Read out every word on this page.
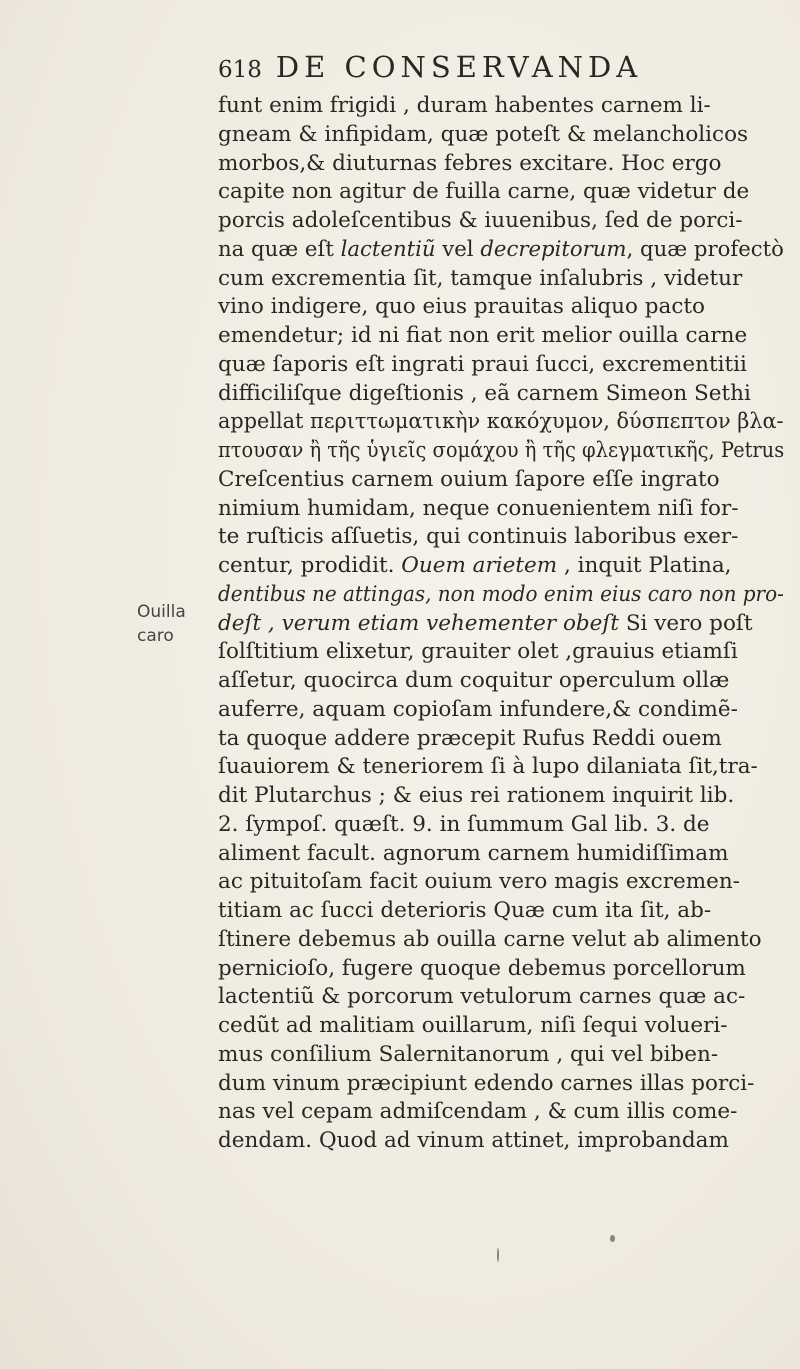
618 DE CONSERVANDA
Ouilla
caro
funt enim frigidi , duram habentes carnem li-
gneam & infipidam, quæ poteſt & melancholicos
morbos,& diuturnas febres excitare. Hoc ergo
capite non agitur de fuilla carne, quæ videtur de
porcis adoleſcentibus & iuuenibus, ſed de porci-
na quæ eſt lactentiũ vel decrepitorum, quæ profectò
cum excrementia ſit, tamque inſalubris , videtur
vino indigere, quo eius prauitas aliquo pacto
emendetur; id ni fiat non erit melior ouilla carne
quæ ſaporis eſt ingrati praui ſucci, excrementitii
difficiliſque digeſtionis , eã carnem Simeon Sethi
appellat περιττωματικὴν κακόχυμον, δύσπεπτον βλα-
πτουσαν ἢ τῆς ὑγιεῖς σομάχου ἢ τῆς φλεγματικῆς, Petrus
Creſcentius carnem ouium ſapore eſſe ingrato
nimium humidam, neque conuenientem niſi for-
te ruſticis aſſuetis, qui continuis laboribus exer-
centur, prodidit. Ouem arietem , inquit Platina,
dentibus ne attingas, non modo enim eius caro non pro-
deſt , verum etiam vehementer obeſt Si vero poſt
ſolſtitium elixetur, grauiter olet ,grauius etiamſi
aſſetur, quocirca dum coquitur operculum ollæ
auferre, aquam copioſam infundere,& condimẽ-
ta quoque addere præcepit Rufus Reddi ouem
ſuauiorem & teneriorem ſi à lupo dilaniata ſit,tra-
dit Plutarchus ; & eius rei rationem inquirit lib.
2. ſympoſ. quæſt. 9. in ſummum Gal lib. 3. de
aliment facult. agnorum carnem humidiſſimam
ac pituitoſam facit ouium vero magis excremen-
titiam ac ſucci deterioris Quæ cum ita ſit, ab-
ſtinere debemus ab ouilla carne velut ab alimento
pernicioſo, fugere quoque debemus porcellorum
lactentiũ & porcorum vetulorum carnes quæ ac-
cedũt ad malitiam ouillarum, niſi ſequi volueri-
mus conſilium Salernitanorum , qui vel biben-
dum vinum præcipiunt edendo carnes illas porci-
nas vel cepam admiſcendam , & cum illis come-
dendam. Quod ad vinum attinet, improbandam
